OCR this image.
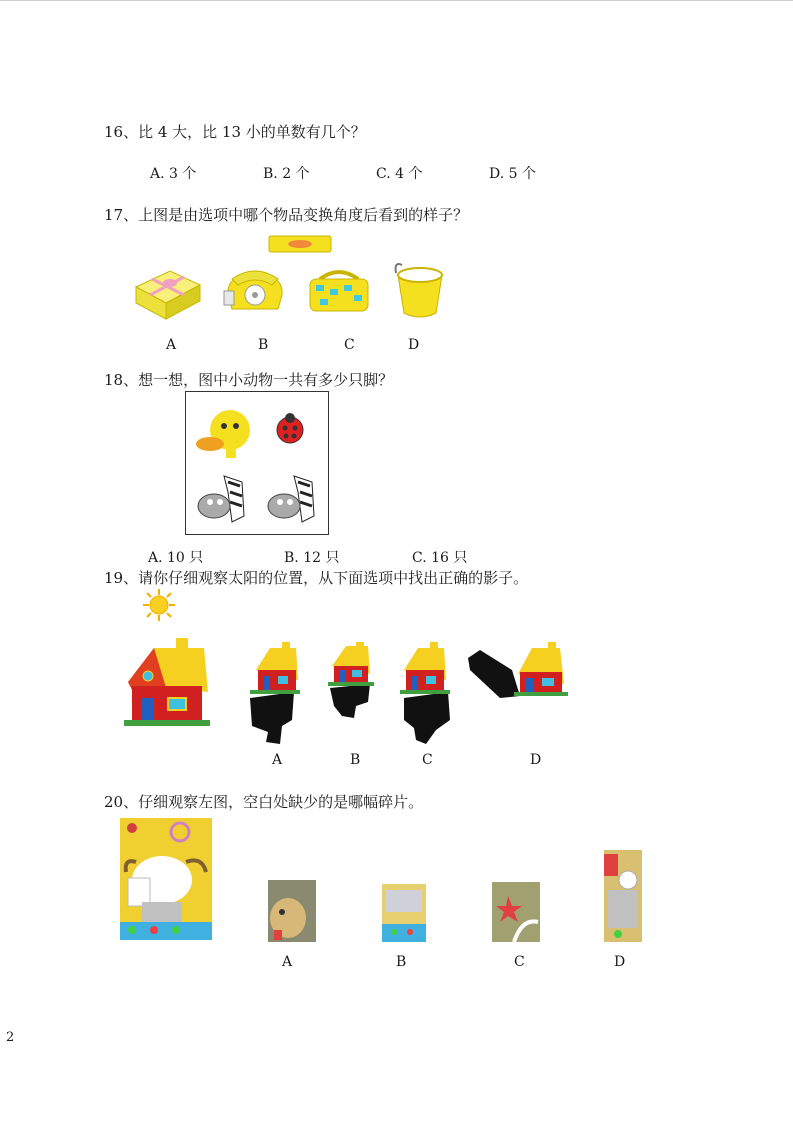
16、比 4 大，比 13 小的单数有几个？
A. 3 个	B. 2 个	C. 4 个	D. 5 个
17、上图是由选项中哪个物品变换角度后看到的样子？
A	B	C	D
18、想一想，图中小动物一共有多少只脚？
A. 10 只	B. 12 只	C. 16 只
19、请你仔细观察太阳的位置，从下面选项中找出正确的影子。
A	B	C	D
20、仔细观察左图，空白处缺少的是哪幅碎片。
A	B	C	D
2
